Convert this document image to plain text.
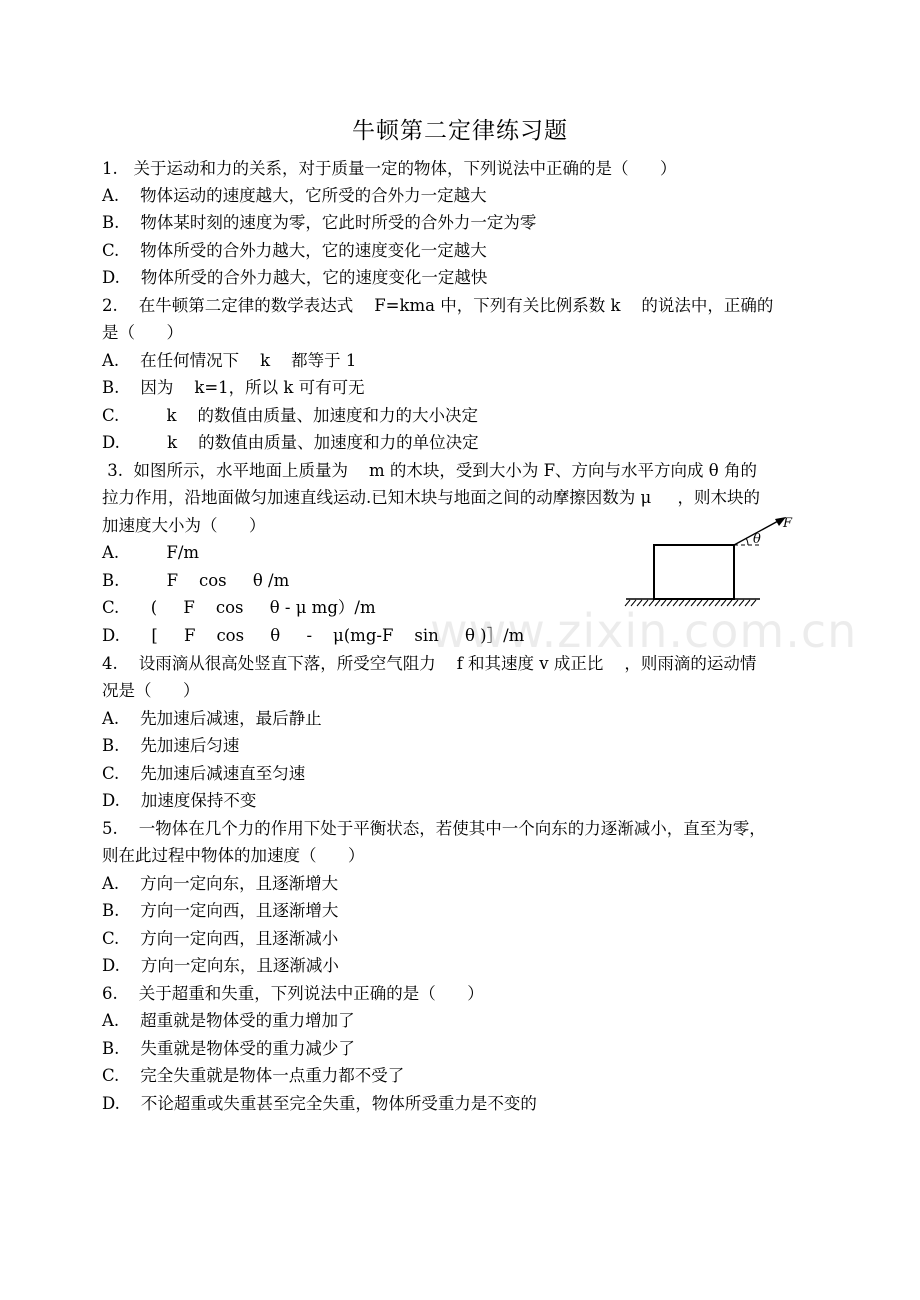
牛顿第二定律练习题
1.   关于运动和力的关系，对于质量一定的物体，下列说法中正确的是（      ）
A.    物体运动的速度越大，它所受的合外力一定越大
B.    物体某时刻的速度为零，它此时所受的合外力一定为零
C.    物体所受的合外力越大，它的速度变化一定越大
D.    物体所受的合外力越大，它的速度变化一定越快
2.    在牛顿第二定律的数学表达式    F=kma 中，下列有关比例系数 k    的说法中，正确的
是（      ）
A.    在任何情况下    k    都等于 1
B.    因为    k=1，所以 k 可有可无
C.         k    的数值由质量、加速度和力的大小决定
D.         k    的数值由质量、加速度和力的单位决定
3.  如图所示，水平地面上质量为    m 的木块，受到大小为 F、方向与水平方向成 θ 角的
拉力作用，沿地面做匀加速直线运动.已知木块与地面之间的动摩擦因数为 μ     ，则木块的
加速度大小为（      ）
A.         F/m
B.         F    cos     θ /m
C.      (     F    cos     θ - μ mg）/m
D.      [     F    cos     θ     -    μ(mg-F    sin     θ )］/m
4.    设雨滴从很高处竖直下落，所受空气阻力    f 和其速度 v 成正比    ，则雨滴的运动情
况是（      ）
A.    先加速后减速，最后静止
B.    先加速后匀速
C.    先加速后减速直至匀速
D.    加速度保持不变
5.    一物体在几个力的作用下处于平衡状态，若使其中一个向东的力逐渐减小，直至为零，
则在此过程中物体的加速度（      ）
A.    方向一定向东，且逐渐增大
B.    方向一定向西，且逐渐增大
C.    方向一定向西，且逐渐减小
D.    方向一定向东，且逐渐减小
6.    关于超重和失重，下列说法中正确的是（      ）
A.    超重就是物体受的重力增加了
B.    失重就是物体受的重力减少了
C.    完全失重就是物体一点重力都不受了
D.    不论超重或失重甚至完全失重，物体所受重力是不变的
θ
F
www.zixin.com.cn
